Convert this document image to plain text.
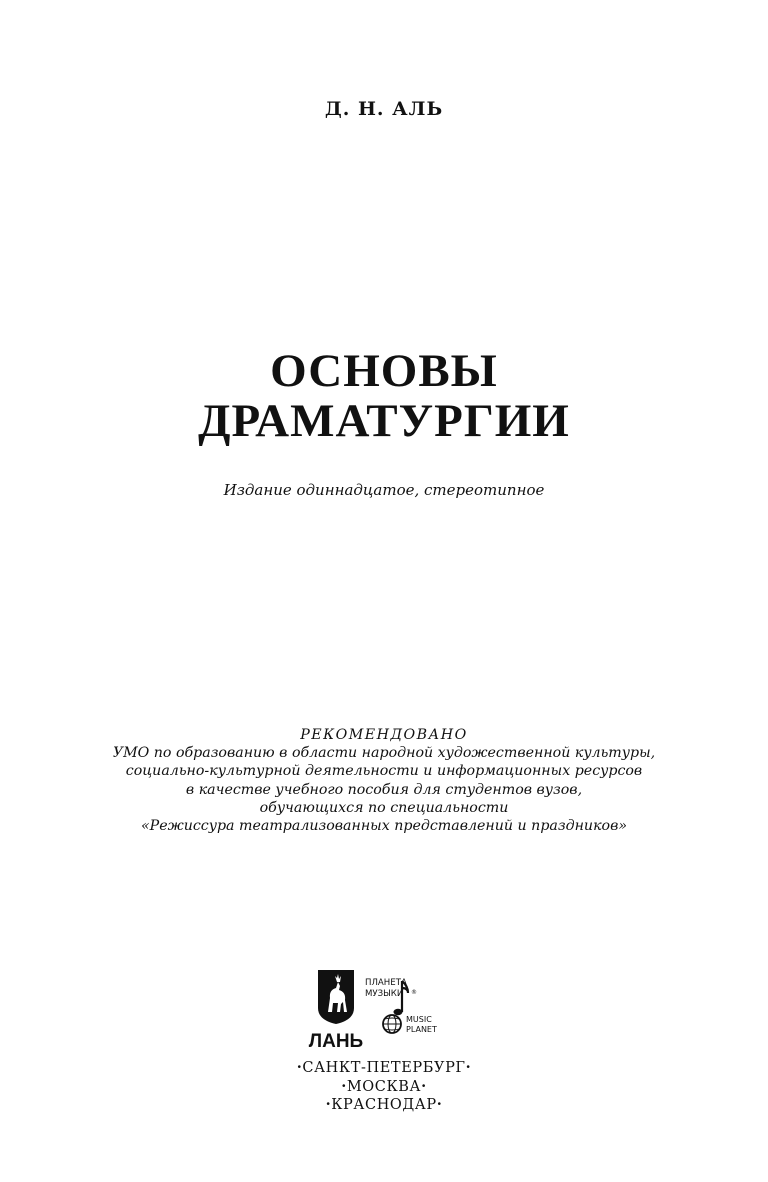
Д. Н. АЛЬ
ОСНОВЫ
ДРАМАТУРГИИ
Издание одиннадцатое, стереотипное
РЕКОМЕНДОВАНО
УМО по образованию в области народной художественной культуры,
социально-культурной деятельности и информационных ресурсов
в качестве учебного пособия для студентов вузов,
обучающихся по специальности
«Режиссура театрализованных представлений и праздников»
ЛАНЬ
ПЛАНЕТА
МУЗЫКИ ®
MUSIC
PLANET
·САНКТ-ПЕТЕРБУРГ·
·МОСКВА·
·КРАСНОДАР·
